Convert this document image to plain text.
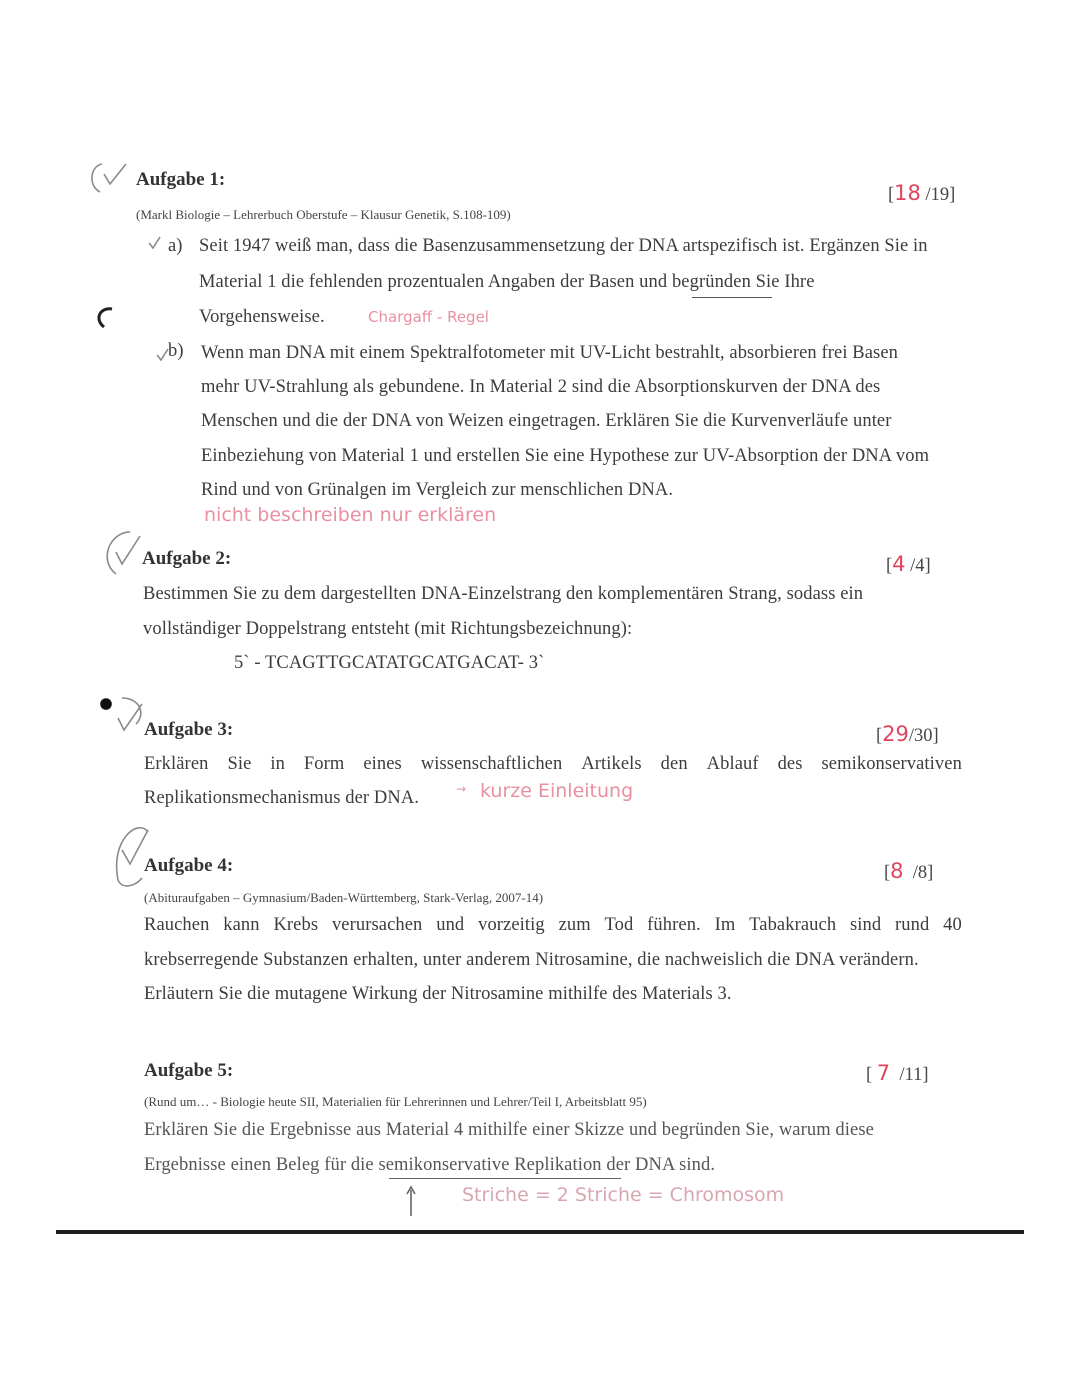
Aufgabe 1:
[18 /19]
(Markl Biologie – Lehrerbuch Oberstufe – Klausur Genetik, S.108-109)
a) Seit 1947 weiß man, dass die Basenzusammensetzung der DNA artspezifisch ist. Ergänzen Sie in
Material 1 die fehlenden prozentualen Angaben der Basen und begründen Sie Ihre
Vorgehensweise.	Chargaff - Regel
b) Wenn man DNA mit einem Spektralfotometer mit UV-Licht bestrahlt, absorbieren frei Basen
mehr UV-Strahlung als gebundene. In Material 2 sind die Absorptionskurven der DNA des
Menschen und die der DNA von Weizen eingetragen. Erklären Sie die Kurvenverläufe unter
Einbeziehung von Material 1 und erstellen Sie eine Hypothese zur UV-Absorption der DNA vom
Rind und von Grünalgen im Vergleich zur menschlichen DNA.
nicht beschreiben nur erklären
Aufgabe 2:	[4 /4]
Bestimmen Sie zu dem dargestellten DNA-Einzelstrang den komplementären Strang, sodass ein
vollständiger Doppelstrang entsteht (mit Richtungsbezeichnung):
5` - TCAGTTGCATATGCATGACAT- 3`
Aufgabe 3:	[29/30]
Erklären Sie in Form eines wissenschaftlichen Artikels den Ablauf des semikonservativen
Replikationsmechanismus der DNA.	→ kurze Einleitung
Aufgabe 4:	[8 /8]
(Abituraufgaben – Gymnasium/Baden-Württemberg, Stark-Verlag, 2007-14)
Rauchen kann Krebs verursachen und vorzeitig zum Tod führen. Im Tabakrauch sind rund 40
krebserregende Substanzen erhalten, unter anderem Nitrosamine, die nachweislich die DNA verändern.
Erläutern Sie die mutagene Wirkung der Nitrosamine mithilfe des Materials 3.
Aufgabe 5:	[ 7 /11]
(Rund um… - Biologie heute SII, Materialien für Lehrerinnen und Lehrer/Teil I, Arbeitsblatt 95)
Erklären Sie die Ergebnisse aus Material 4 mithilfe einer Skizze und begründen Sie, warum diese
Ergebnisse einen Beleg für die semikonservative Replikation der DNA sind.
Striche = 2 Striche = Chromosom
